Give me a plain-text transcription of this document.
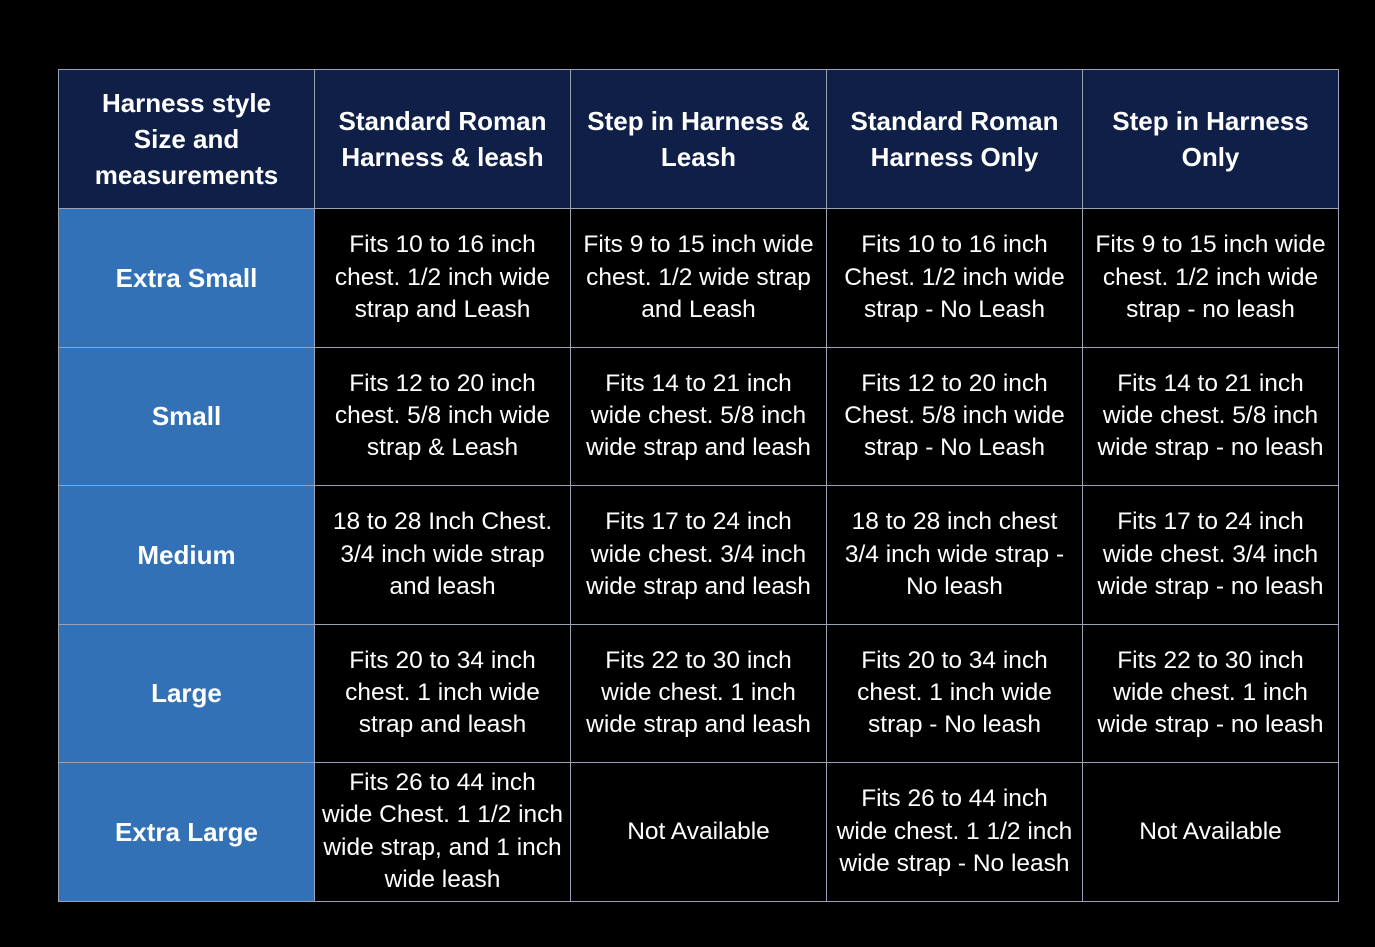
Harness style
Size and
measurements	Standard Roman Harness & leash	Step in Harness & Leash	Standard Roman Harness Only	Step in Harness Only
Extra Small	Fits 10 to 16 inch chest. 1/2 inch wide strap and Leash	Fits 9 to 15 inch wide chest. 1/2 wide strap and Leash	Fits 10 to 16 inch Chest. 1/2 inch wide strap - No Leash	Fits 9 to 15 inch wide chest. 1/2 inch wide strap - no leash
Small	Fits 12 to 20 inch chest. 5/8 inch wide strap & Leash	Fits 14 to 21 inch wide chest. 5/8 inch wide strap and leash	Fits 12 to 20 inch Chest. 5/8 inch wide strap - No Leash	Fits 14 to 21 inch wide chest. 5/8 inch wide strap - no leash
Medium	18 to 28 Inch Chest. 3/4 inch wide strap and leash	Fits 17 to 24 inch wide chest. 3/4 inch wide strap and leash	18 to 28 inch chest 3/4 inch wide strap - No leash	Fits 17 to 24 inch wide chest. 3/4 inch wide strap - no leash
Large	Fits 20 to 34 inch chest. 1 inch wide strap and leash	Fits 22 to 30 inch wide chest. 1 inch wide strap and leash	Fits 20 to 34 inch chest. 1 inch wide strap - No leash	Fits 22 to 30 inch wide chest. 1 inch wide strap - no leash
Extra Large	Fits 26 to 44 inch wide Chest. 1 1/2 inch wide strap, and 1 inch wide leash	Not Available	Fits 26 to 44 inch wide chest. 1 1/2 inch wide strap - No leash	Not Available
